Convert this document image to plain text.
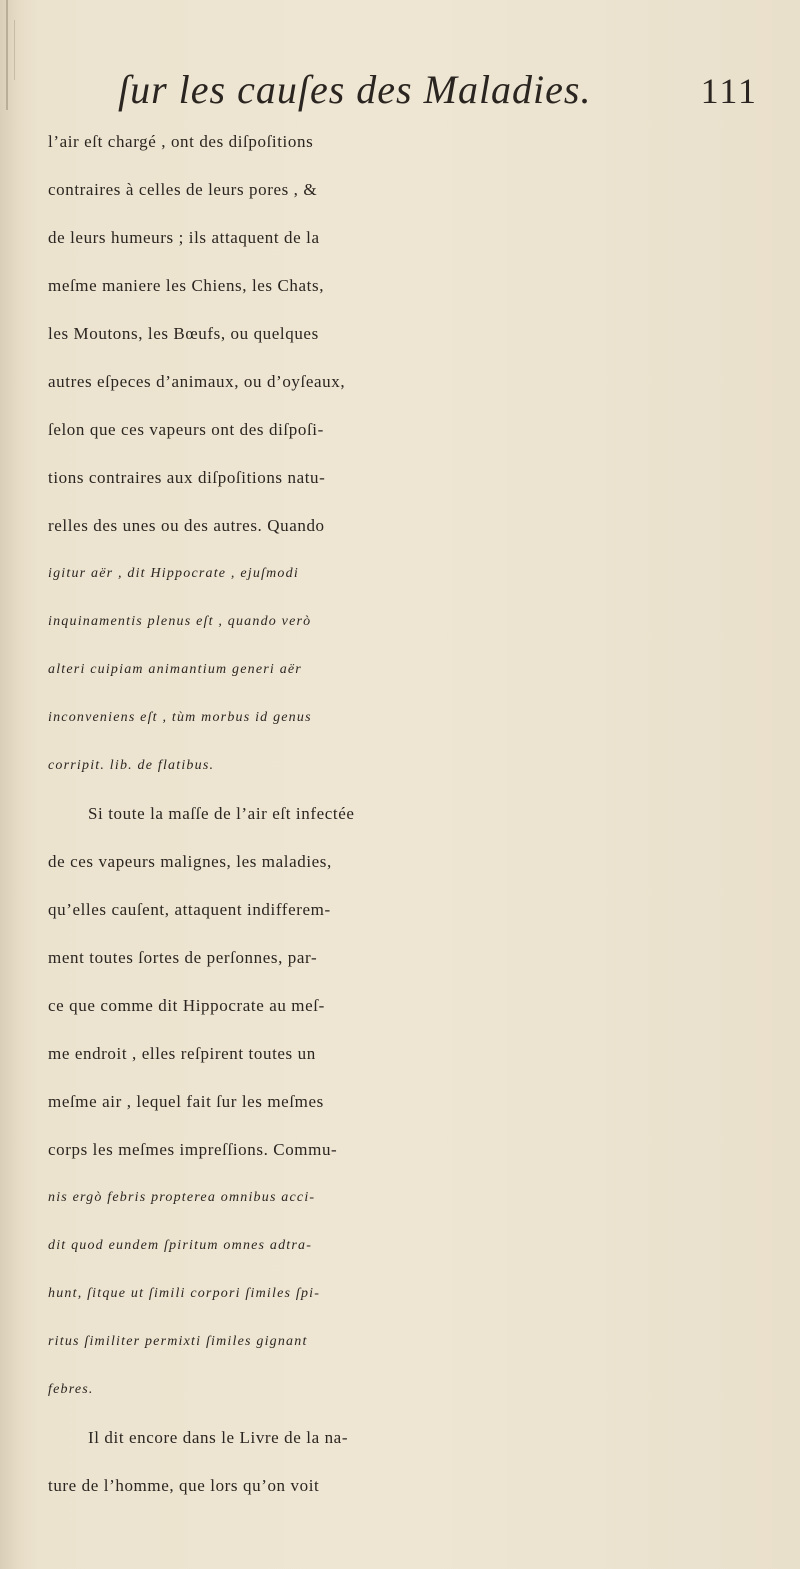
ſur les cauſes des Maladies.	111
l’air eſt chargé , ont des diſpoſitions
contraires à celles de leurs pores , &
de leurs humeurs ; ils attaquent de la
meſme maniere les Chiens, les Chats,
les Moutons, les Bœufs, ou quelques
autres eſpeces d’animaux, ou d’oyſeaux,
ſelon que ces vapeurs ont des diſpoſi-
tions contraires aux diſpoſitions natu-
relles des unes ou des autres. Quando
igitur aër , dit Hippocrate , ejuſmodi
inquinamentis plenus eſt , quando verò
alteri cuipiam animantium generi aër
inconveniens eſt , tùm morbus id genus
corripit. lib. de flatibus.
Si toute la maſſe de l’air eſt infectée
de ces vapeurs malignes, les maladies,
qu’elles cauſent, attaquent indifferem-
ment toutes ſortes de perſonnes, par-
ce que comme dit Hippocrate au meſ-
me endroit , elles reſpirent toutes un
meſme air , lequel fait ſur les meſmes
corps les meſmes impreſſions. Commu-
nis ergò febris propterea omnibus acci-
dit quod eundem ſpiritum omnes adtra-
hunt, ſitque ut ſimili corpori ſimiles ſpi-
ritus ſimiliter permixti ſimiles gignant
febres.
Il dit encore dans le Livre de la na-
ture de l’homme, que lors qu’on voit
